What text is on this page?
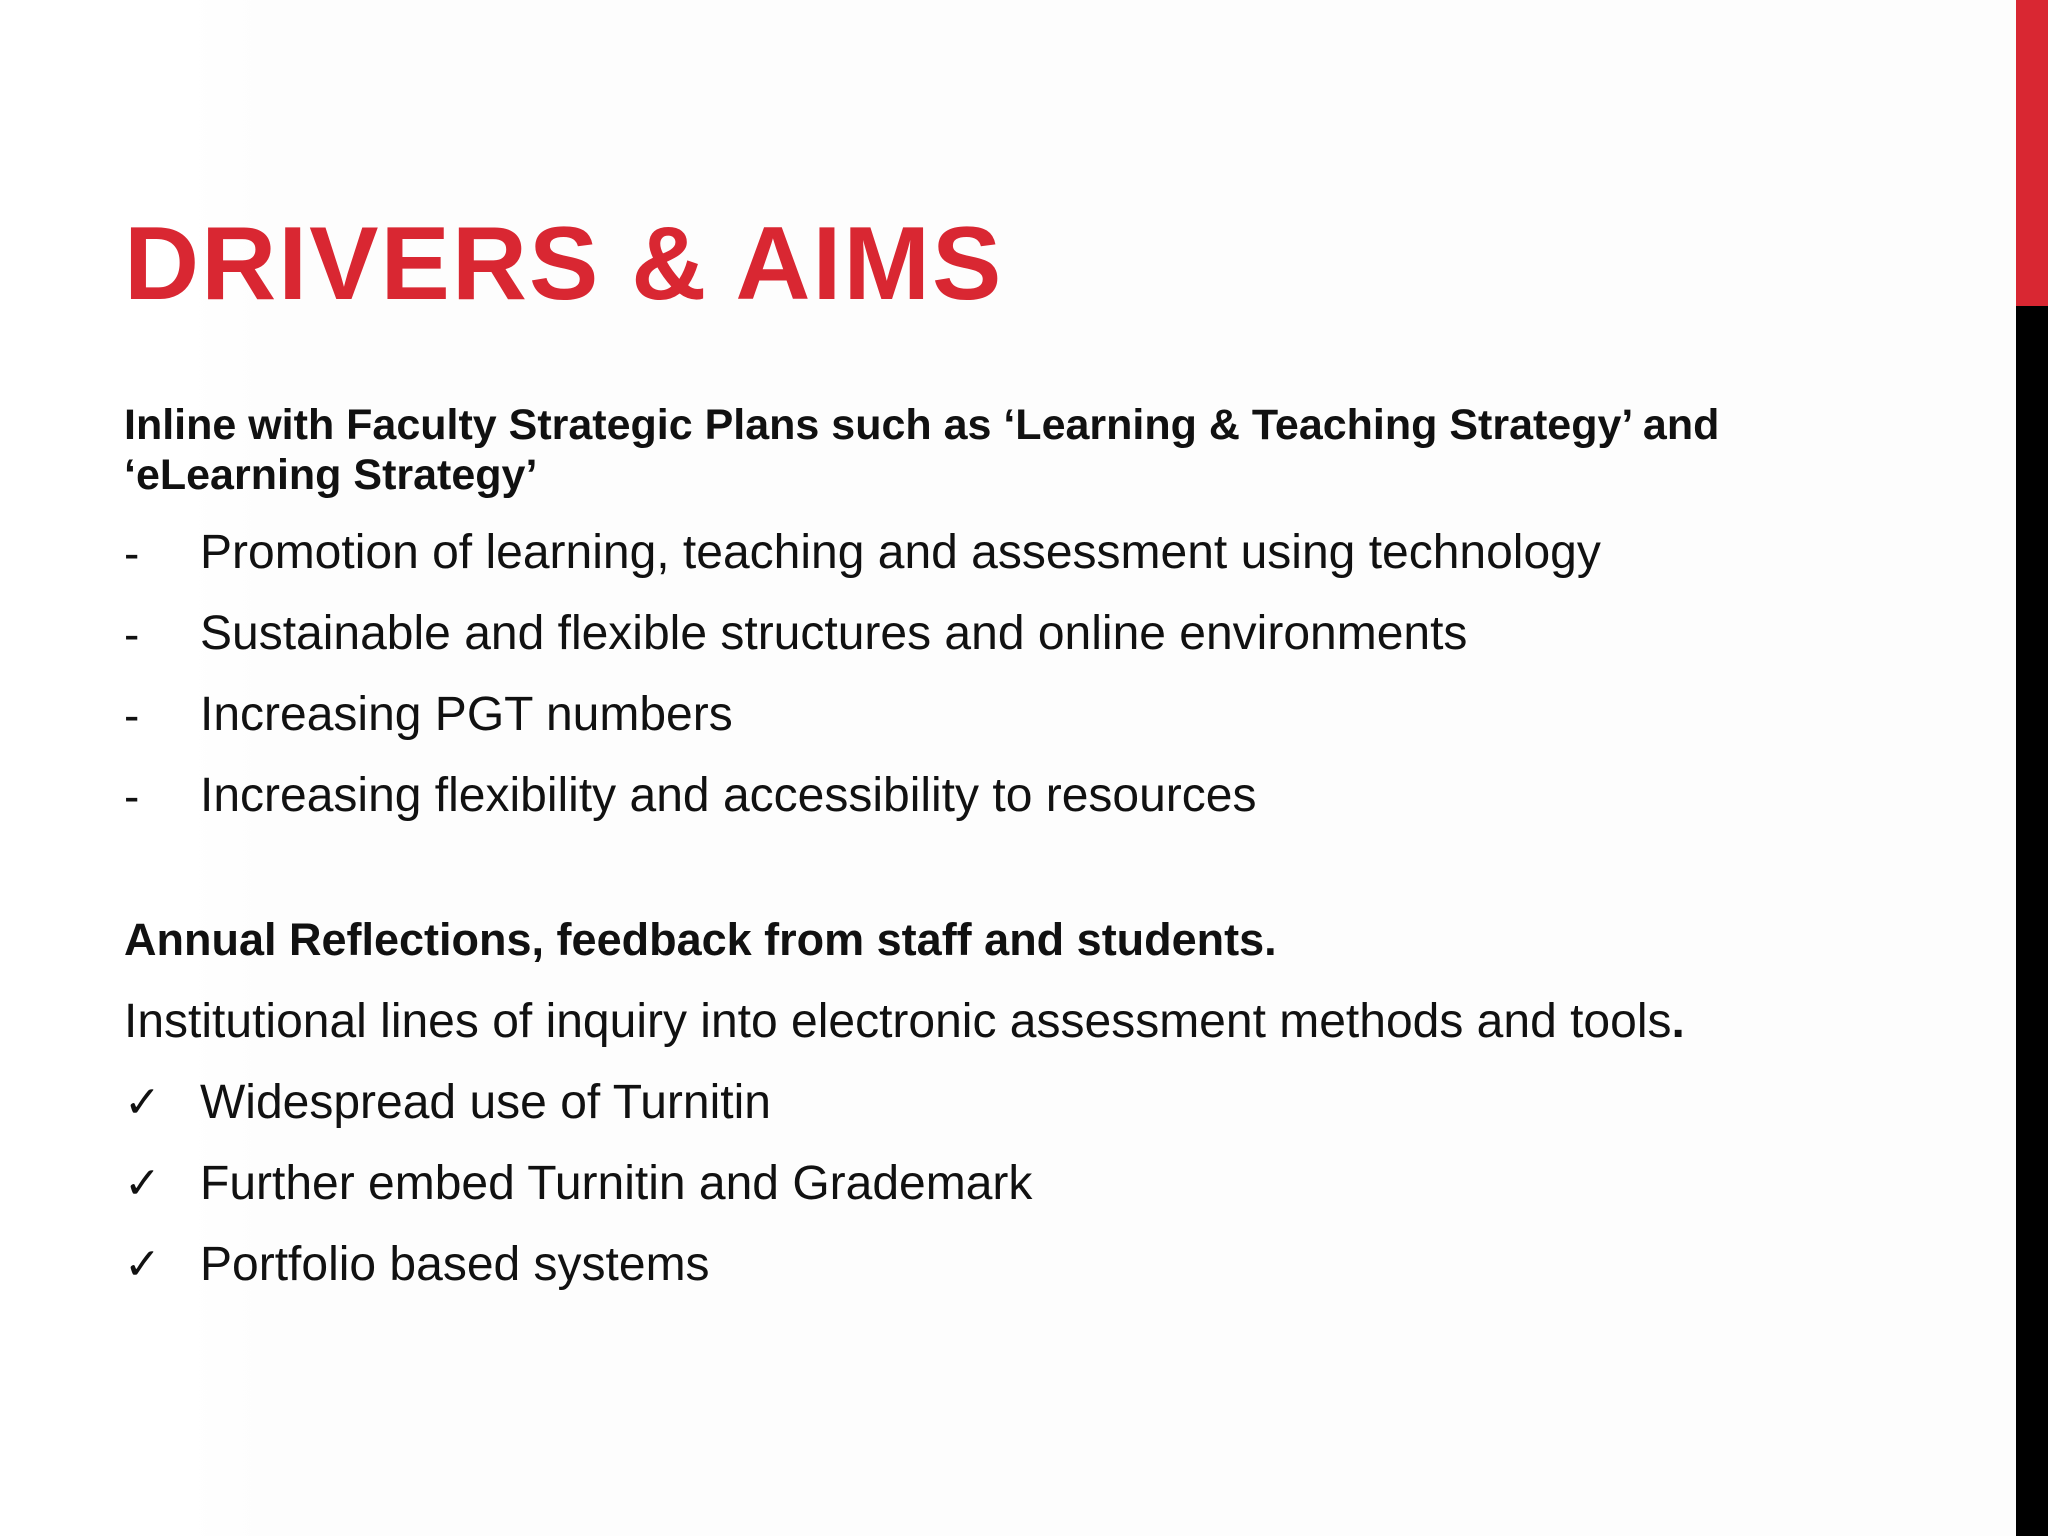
DRIVERS & AIMS

Inline with Faculty Strategic Plans such as ‘Learning & Teaching Strategy’ and ‘eLearning Strategy’

-	Promotion of learning, teaching and assessment using technology
-	Sustainable and flexible structures and online environments
-	Increasing PGT numbers
-	Increasing flexibility and accessibility to resources

Annual Reflections, feedback from staff and students.

Institutional lines of inquiry into electronic assessment methods and tools .

✓ Widespread use of Turnitin
✓ Further embed Turnitin and Grademark
✓ Portfolio based systems
